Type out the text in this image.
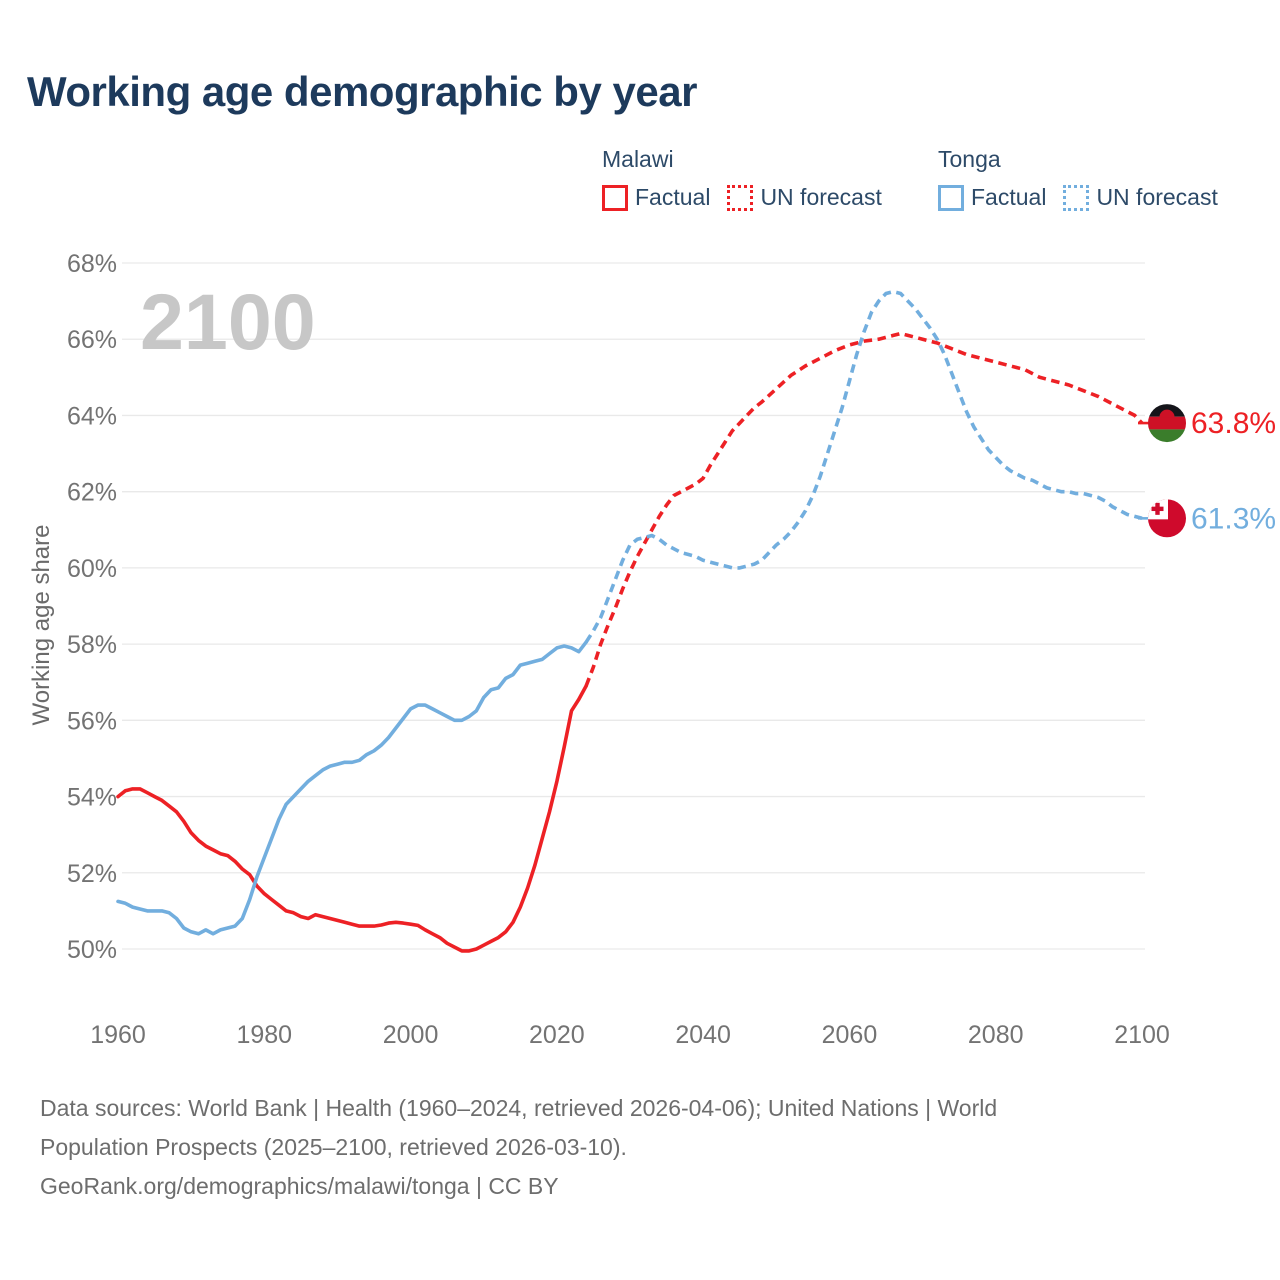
Working age demographic by year
Malawi
Factual UN forecast
Tonga
Factual UN forecast
50%
52%
54%
56%
58%
60%
62%
64%
66%
68%
1960	1980	2000	2020	2040	2060	2080	2100
63.8%
61.3%
2100
Working age share
Data sources: World Bank | Health (1960–2024, retrieved 2026-04-06); United Nations | World
Population Prospects (2025–2100, retrieved 2026-03-10).
GeoRank.org/demographics/malawi/tonga | CC BY
